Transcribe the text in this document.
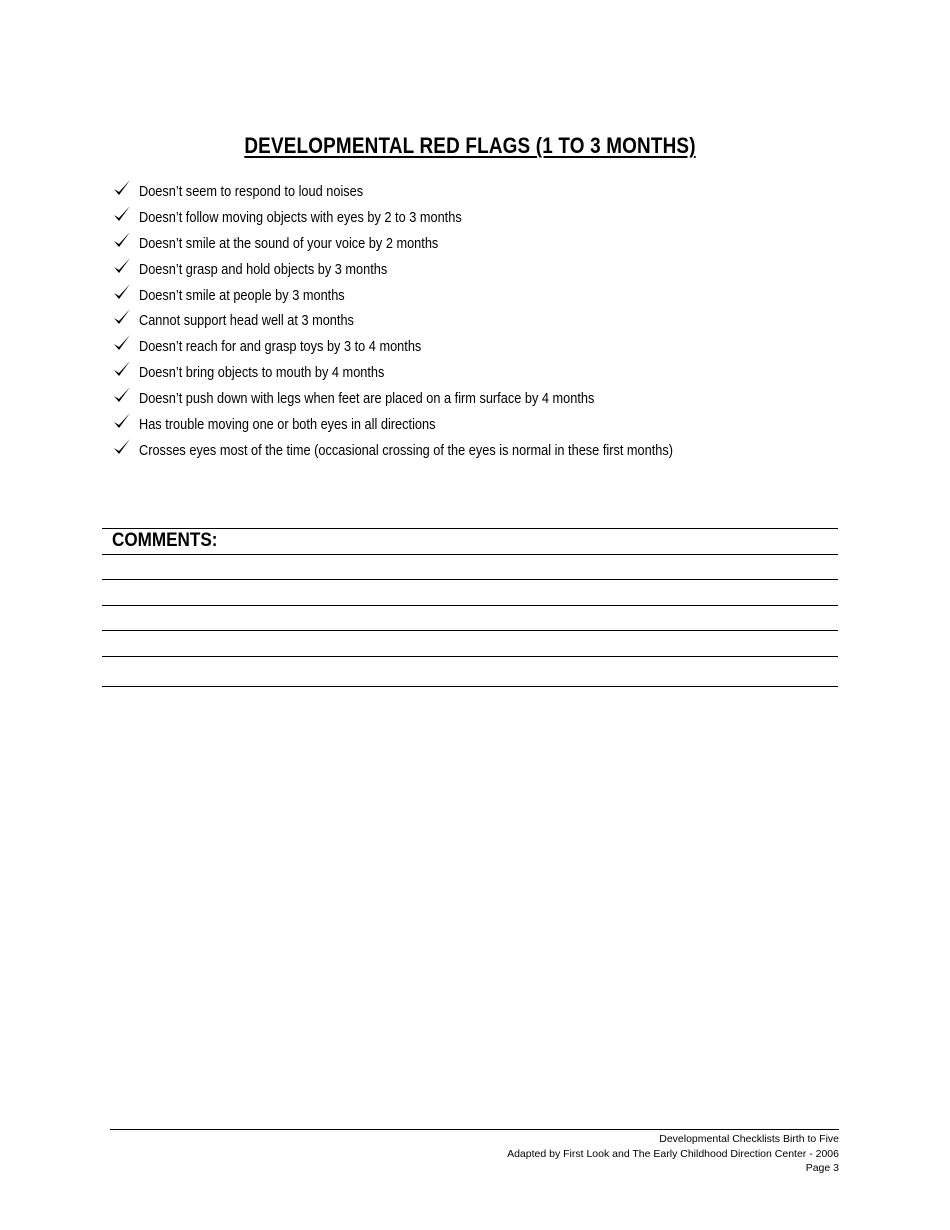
DEVELOPMENTAL RED FLAGS (1 TO 3 MONTHS)
Doesn’t seem to respond to loud noises
Doesn’t follow moving objects with eyes by 2 to 3 months
Doesn’t smile at the sound of your voice by 2 months
Doesn’t grasp and hold objects by 3 months
Doesn’t smile at people by 3 months
Cannot support head well at 3 months
Doesn’t reach for and grasp toys by 3 to 4 months
Doesn’t bring objects to mouth by 4 months
Doesn’t push down with legs when feet are placed on a firm surface by 4 months
Has trouble moving one or both eyes in all directions
Crosses eyes most of the time (occasional crossing of the eyes is normal in these first months)
COMMENTS:
Developmental Checklists Birth to Five
Adapted by First Look and The Early Childhood Direction Center - 2006
Page 3
